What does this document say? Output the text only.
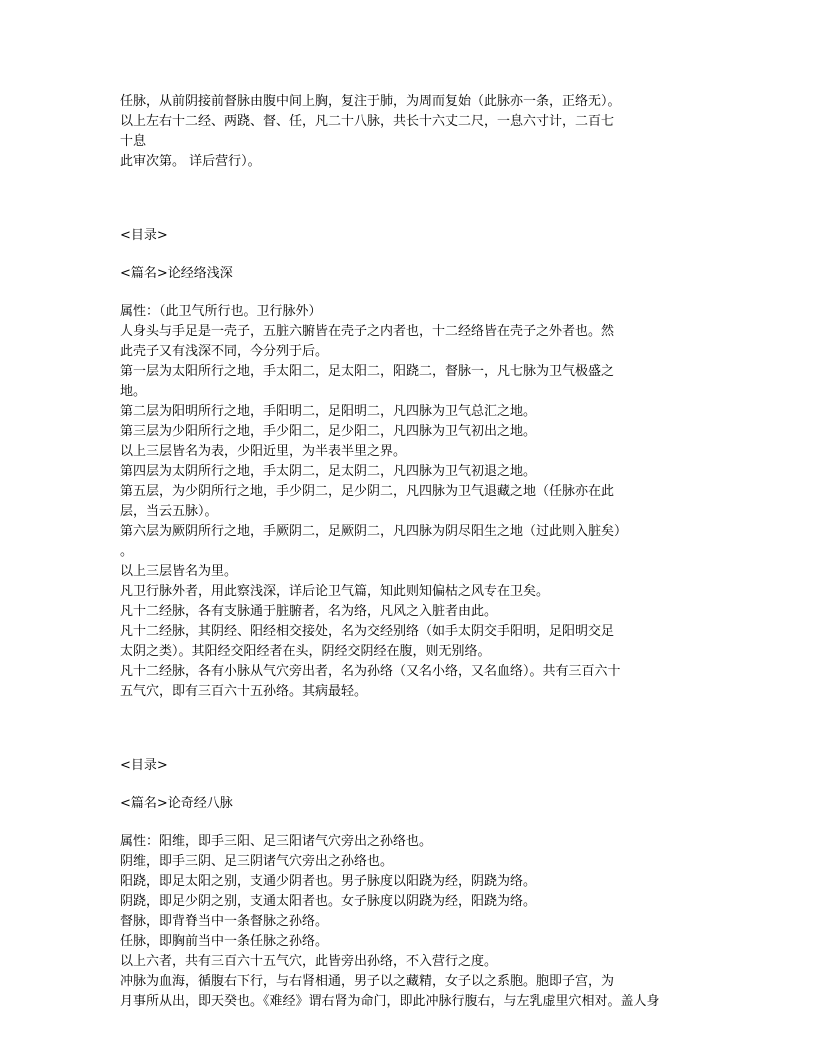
任脉，从前阴接前督脉由腹中间上胸，复注于肺，为周而复始（此脉亦一条，正络无）。
以上左右十二经、两跷、督、任，凡二十八脉，共长十六丈二尺，一息六寸计，二百七
十息
此审次第。 详后营行）。
<目录>
<篇名>论经络浅深
属性：（此卫气所行也。卫行脉外）
人身头与手足是一壳子，五脏六腑皆在壳子之内者也，十二经络皆在壳子之外者也。然
此壳子又有浅深不同，今分列于后。
第一层为太阳所行之地，手太阳二，足太阳二，阳跷二，督脉一，凡七脉为卫气极盛之
地。
第二层为阳明所行之地，手阳明二，足阳明二，凡四脉为卫气总汇之地。
第三层为少阳所行之地，手少阳二，足少阳二，凡四脉为卫气初出之地。
以上三层皆名为表，少阳近里，为半表半里之界。
第四层为太阴所行之地，手太阴二，足太阴二，凡四脉为卫气初退之地。
第五层，为少阴所行之地，手少阴二，足少阴二，凡四脉为卫气退藏之地（任脉亦在此
层，当云五脉）。
第六层为厥阴所行之地，手厥阴二，足厥阴二，凡四脉为阴尽阳生之地（过此则入脏矣）
。
以上三层皆名为里。
凡卫行脉外者，用此察浅深，详后论卫气篇，知此则知偏枯之风专在卫矣。
凡十二经脉，各有支脉通于脏腑者，名为络，凡风之入脏者由此。
凡十二经脉，其阴经、阳经相交接处，名为交经别络（如手太阴交手阳明，足阳明交足
太阴之类）。其阳经交阳经者在头，阴经交阴经在腹，则无别络。
凡十二经脉，各有小脉从气穴旁出者，名为孙络（又名小络，又名血络）。共有三百六十
五气穴，即有三百六十五孙络。其病最轻。
<目录>
<篇名>论奇经八脉
属性：阳维，即手三阳、足三阳诸气穴旁出之孙络也。
阴维，即手三阴、足三阴诸气穴旁出之孙络也。
阳跷，即足太阳之别，支通少阴者也。男子脉度以阳跷为经，阴跷为络。
阴跷，即足少阴之别，支通太阳者也。女子脉度以阴跷为经，阳跷为络。
督脉，即背脊当中一条督脉之孙络。
任脉，即胸前当中一条任脉之孙络。
以上六者，共有三百六十五气穴，此皆旁出孙络，不入营行之度。
冲脉为血海，循腹右下行，与右肾相通，男子以之藏精，女子以之系胞。胞即子宫，为
月事所从出，即天癸也。《难经》谓右肾为命门，即此冲脉行腹右，与左乳虚里穴相对。盖人身
